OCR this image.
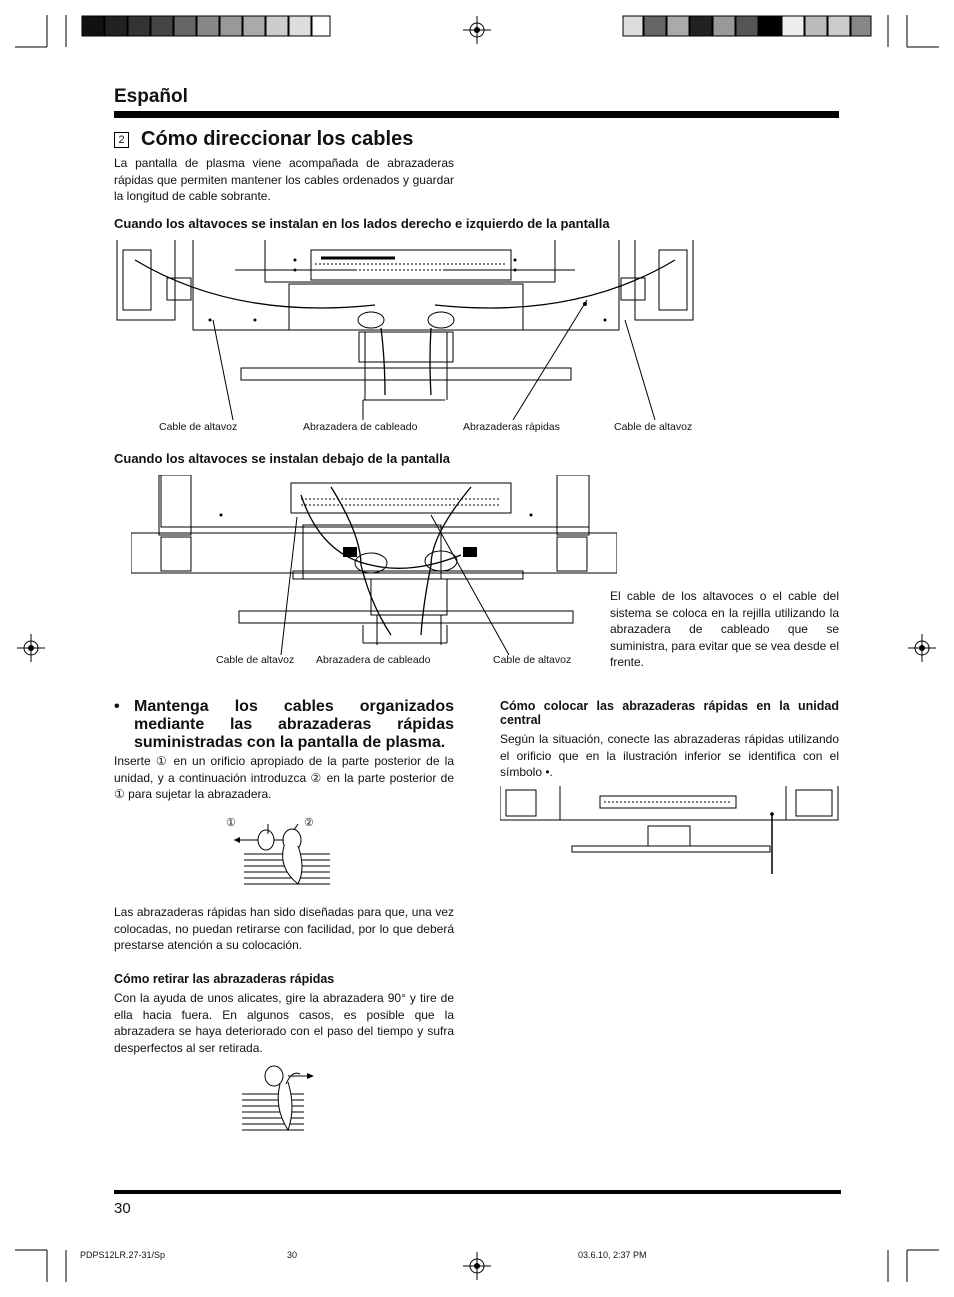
Español
2 Cómo direccionar los cables
La pantalla de plasma viene acompañada de abrazaderas rápidas que permiten mantener los cables ordenados y guardar la longitud de cable sobrante.
Cuando los altavoces se instalan en los lados derecho e izquierdo de la pantalla
Cable de altavoz	Abrazadera de cableado	Abrazaderas rápidas	Cable de altavoz
Cuando los altavoces se instalan debajo de la pantalla
Cable de altavoz Abrazadera de cableado	Cable de altavoz
El cable de los altavoces o el cable del sistema se coloca en la rejilla utilizando la abrazadera de cableado que se suministra, para evitar que se vea desde el frente.
• Mantenga los cables organizados mediante las abrazaderas rápidas suministradas con la pantalla de plasma.
Inserte ① en un orificio apropiado de la parte posterior de la unidad, y a continuación introduzca ② en la parte posterior de ① para sujetar la abrazadera.
①	②
Las abrazaderas rápidas han sido diseñadas para que, una vez colocadas, no puedan retirarse con facilidad, por lo que deberá prestarse atención a su colocación.
Cómo retirar las abrazaderas rápidas
Con la ayuda de unos alicates, gire la abrazadera 90° y tire de ella hacia fuera. En algunos casos, es posible que la abrazadera se haya deteriorado con el paso del tiempo y sufra desperfectos al ser retirada.
Cómo colocar las abrazaderas rápidas en la unidad central
Según la situación, conecte las abrazaderas rápidas utilizando el orificio que en la ilustración inferior se identifica con el símbolo •.
30
PDPS12LR.27-31/Sp	30	03.6.10, 2:37 PM
